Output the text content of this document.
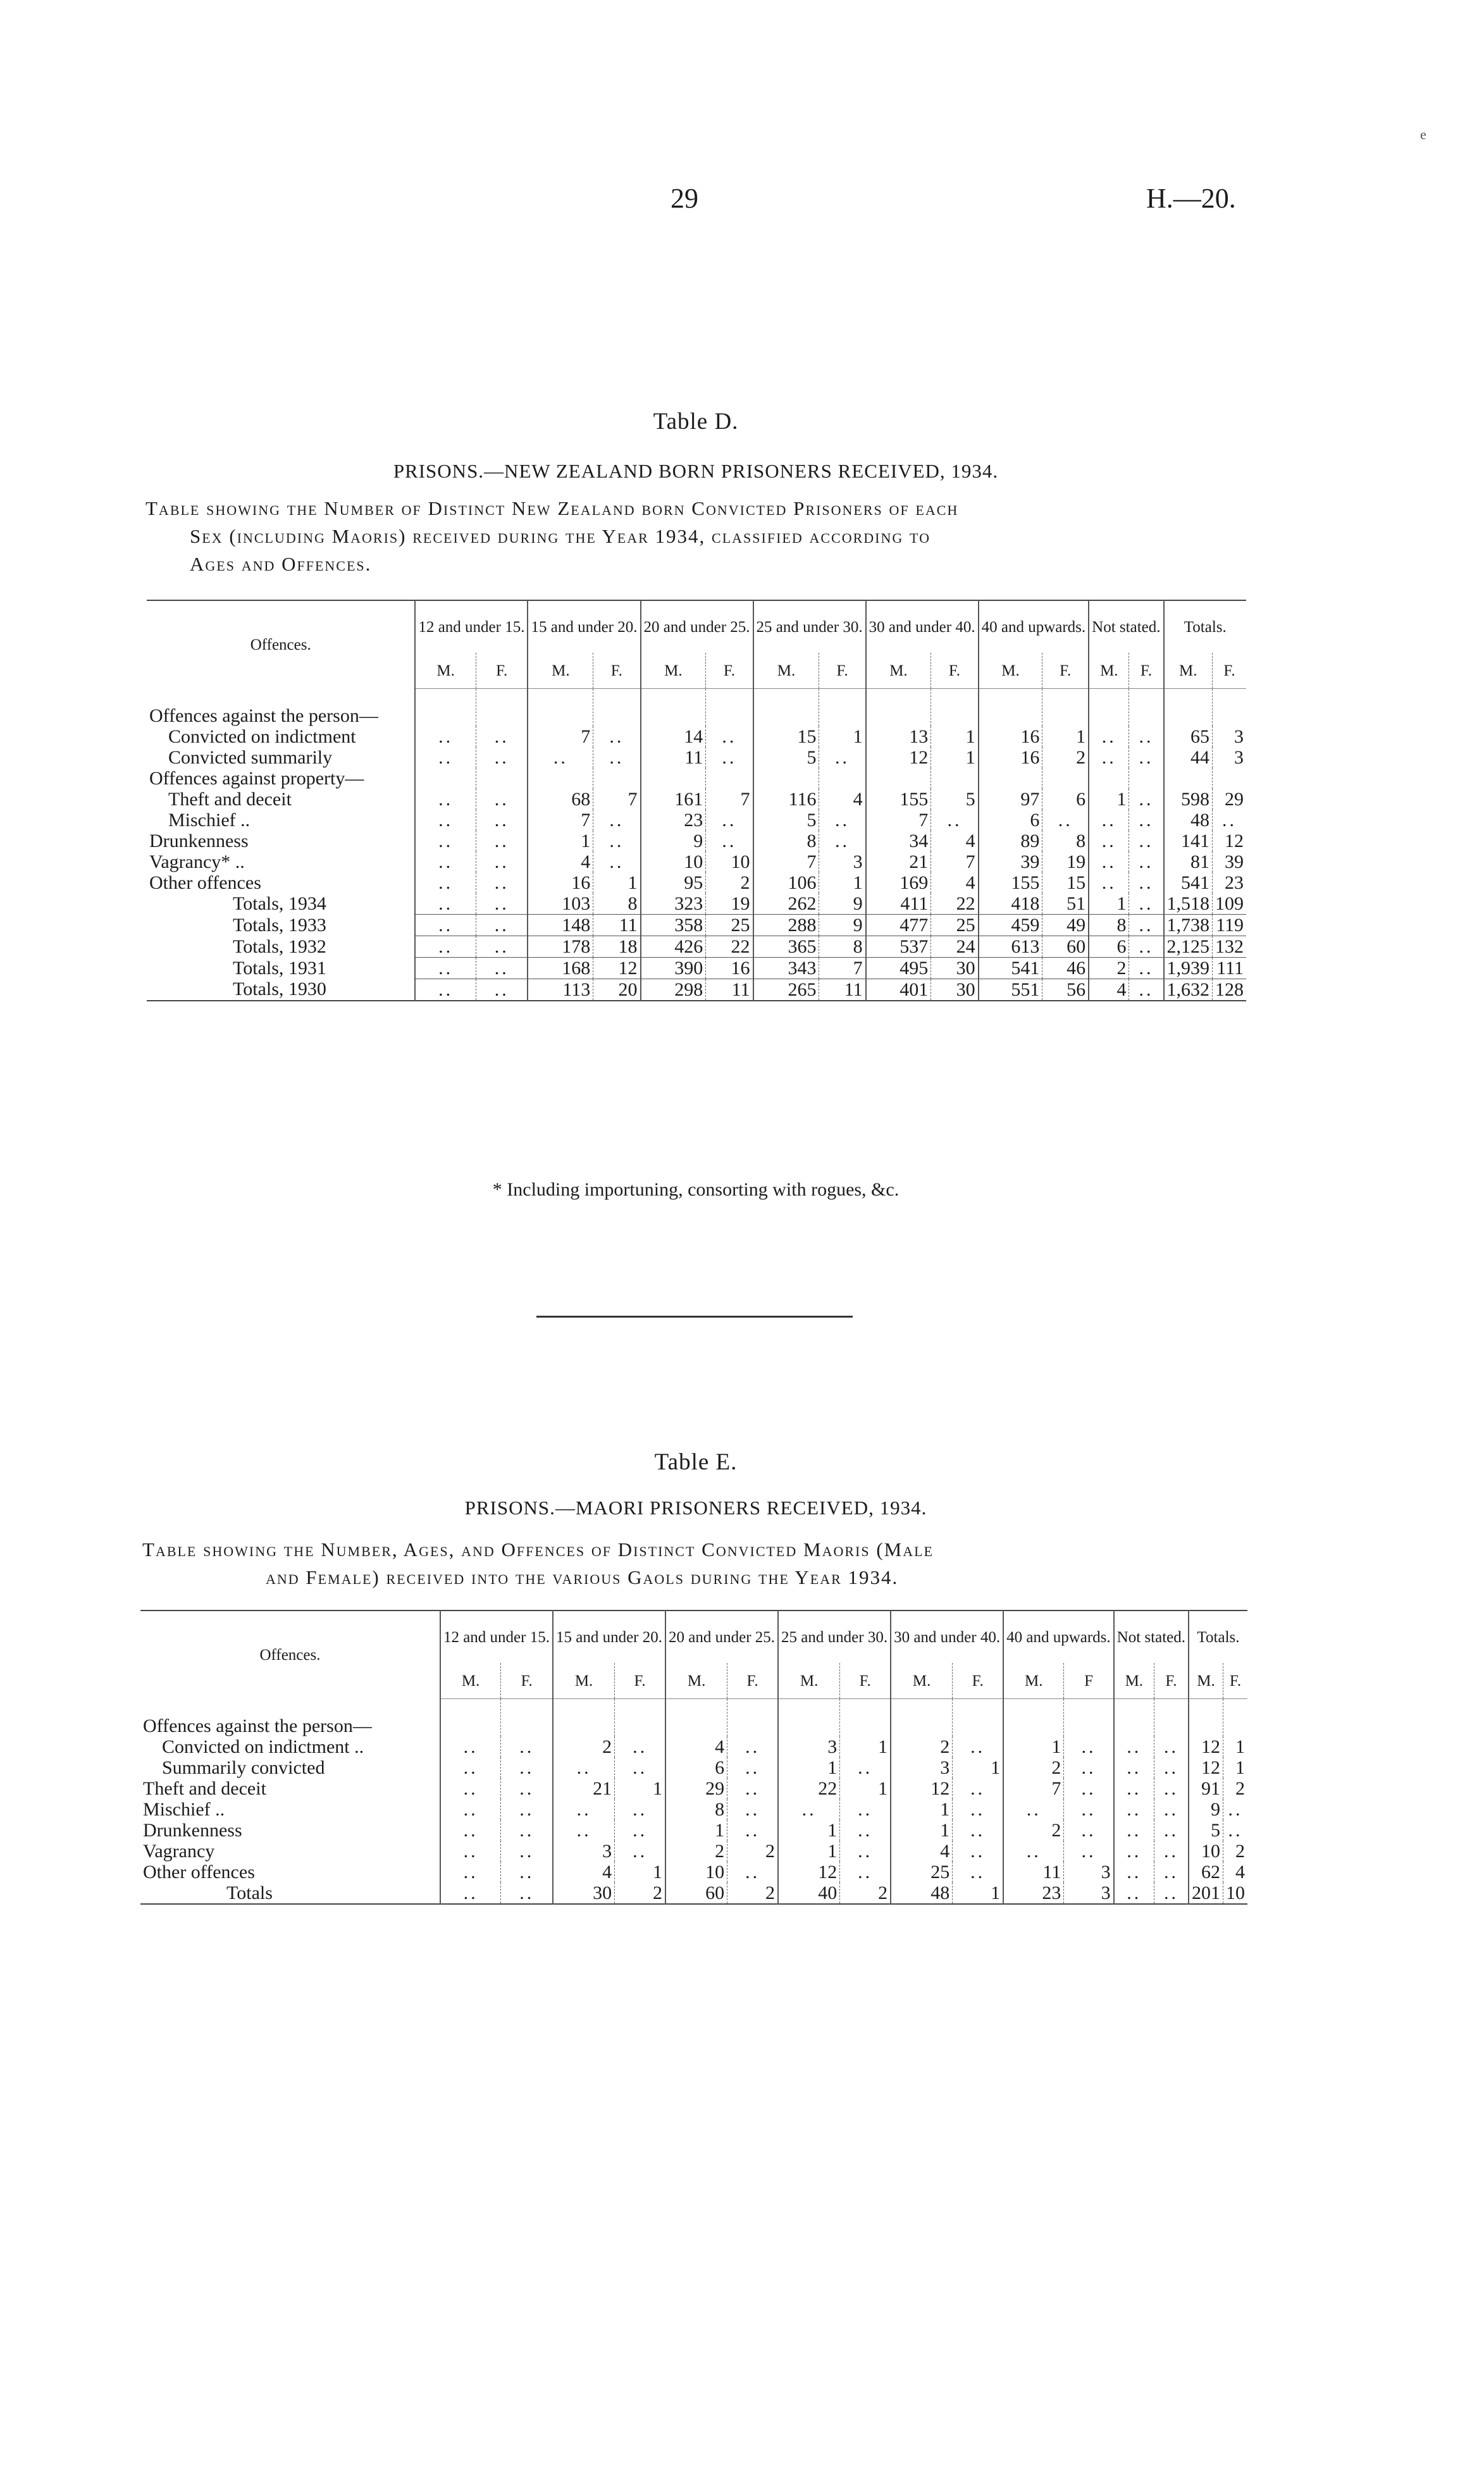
e
29	H.—20.
Table D.
PRISONS.—NEW ZEALAND BORN PRISONERS RECEIVED, 1934.
Table showing the Number of Distinct New Zealand born Convicted Prisoners of each
Sex (including Maoris) received during the Year 1934, classified according to
Ages and Offences.
Offences.	12 and under 15.		15 and under 20.		20 and under 25.		25 and under 30.		30 and under 40.		40 and upwards.		Not stated.		Totals.	
	M.	F.	M.	F.	M.	F.	M.	F.	M.	F.	M.	F.	M.	F.	M.	F.
Offences against the person—																
Convicted on indictment	..	..	7	..	14	..	15	1	13	1	16	1	..	..	65	3
Convicted summarily	..	..	..	..	11	..	5	..	12	1	16	2	..	..	44	3
Offences against property—																
Theft and deceit	..	..	68	7	161	7	116	4	155	5	97	6	1	..	598	29
Mischief ..	..	..	7	..	23	..	5	..	7	..	6	..	..	..	48	..
Drunkenness	..	..	1	..	9	..	8	..	34	4	89	8	..	..	141	12
Vagrancy* ..	..	..	4	..	10	10	7	3	21	7	39	19	..	..	81	39
Other offences	..	..	16	1	95	2	106	1	169	4	155	15	..	..	541	23
Totals, 1934	..	..	103	8	323	19	262	9	411	22	418	51	1	..	1,518	109
Totals, 1933	..	..	148	11	358	25	288	9	477	25	459	49	8	..	1,738	119
Totals, 1932	..	..	178	18	426	22	365	8	537	24	613	60	6	..	2,125	132
Totals, 1931	..	..	168	12	390	16	343	7	495	30	541	46	2	..	1,939	111
Totals, 1930	..	..	113	20	298	11	265	11	401	30	551	56	4	..	1,632	128
* Including importuning, consorting with rogues, &c.
Table E.
PRISONS.—MAORI PRISONERS RECEIVED, 1934.
Table showing the Number, Ages, and Offences of Distinct Convicted Maoris (Male
and Female) received into the various Gaols during the Year 1934.
Offences.	12 and under 15.		15 and under 20.		20 and under 25.		25 and under 30.		30 and under 40.		40 and upwards.		Not stated.		Totals.	
	M.	F.	M.	F.	M.	F.	M.	F.	M.	F.	M.	F	M.	F.	M.	F.
Offences against the person—																
Convicted on indictment ..	..	..	2	..	4	..	3	1	2	..	1	..	..	..	12	1
Summarily convicted	..	..	..	..	6	..	1	..	3	1	2	..	..	..	12	1
Theft and deceit	..	..	21	1	29	..	22	1	12	..	7	..	..	..	91	2
Mischief ..	..	..	..	..	8	..	..	..	1	..	..	..	..	..	9	..
Drunkenness	..	..	..	..	1	..	1	..	1	..	2	..	..	..	5	..
Vagrancy	..	..	3	..	2	2	1	..	4	..	..	..	..	..	10	2
Other offences	..	..	4	1	10	..	12	..	25	..	11	3	..	..	62	4
Totals	..	..	30	2	60	2	40	2	48	1	23	3	..	..	201	10
